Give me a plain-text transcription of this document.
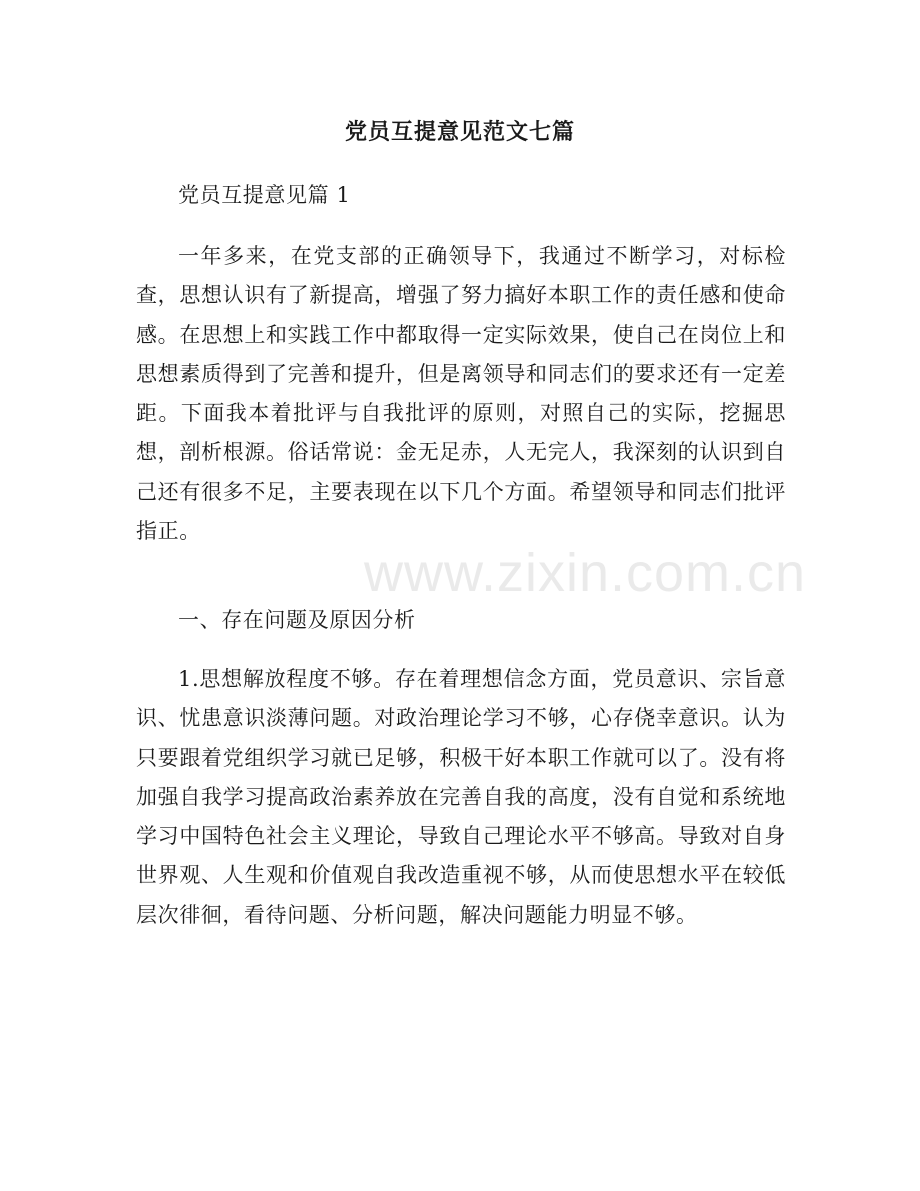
www.zixin.com.cn
党员互提意见范文七篇

党员互提意见篇 1

一年多来，在党支部的正确领导下，我通过不断学习，对标检查，思想认识有了新提高，增强了努力搞好本职工作的责任感和使命感。在思想上和实践工作中都取得一定实际效果，使自己在岗位上和思想素质得到了完善和提升，但是离领导和同志们的要求还有一定差距。下面我本着批评与自我批评的原则，对照自己的实际，挖掘思想，剖析根源。俗话常说：金无足赤，人无完人，我深刻的认识到自己还有很多不足，主要表现在以下几个方面。希望领导和同志们批评指正。

一、存在问题及原因分析

1.思想解放程度不够。存在着理想信念方面，党员意识、宗旨意识、忧患意识淡薄问题。对政治理论学习不够，心存侥幸意识。认为只要跟着党组织学习就已足够，积极干好本职工作就可以了。没有将加强自我学习提高政治素养放在完善自我的高度，没有自觉和系统地学习中国特色社会主义理论，导致自己理论水平不够高。导致对自身世界观、人生观和价值观自我改造重视不够，从而使思想水平在较低层次徘徊，看待问题、分析问题，解决问题能力明显不够。
